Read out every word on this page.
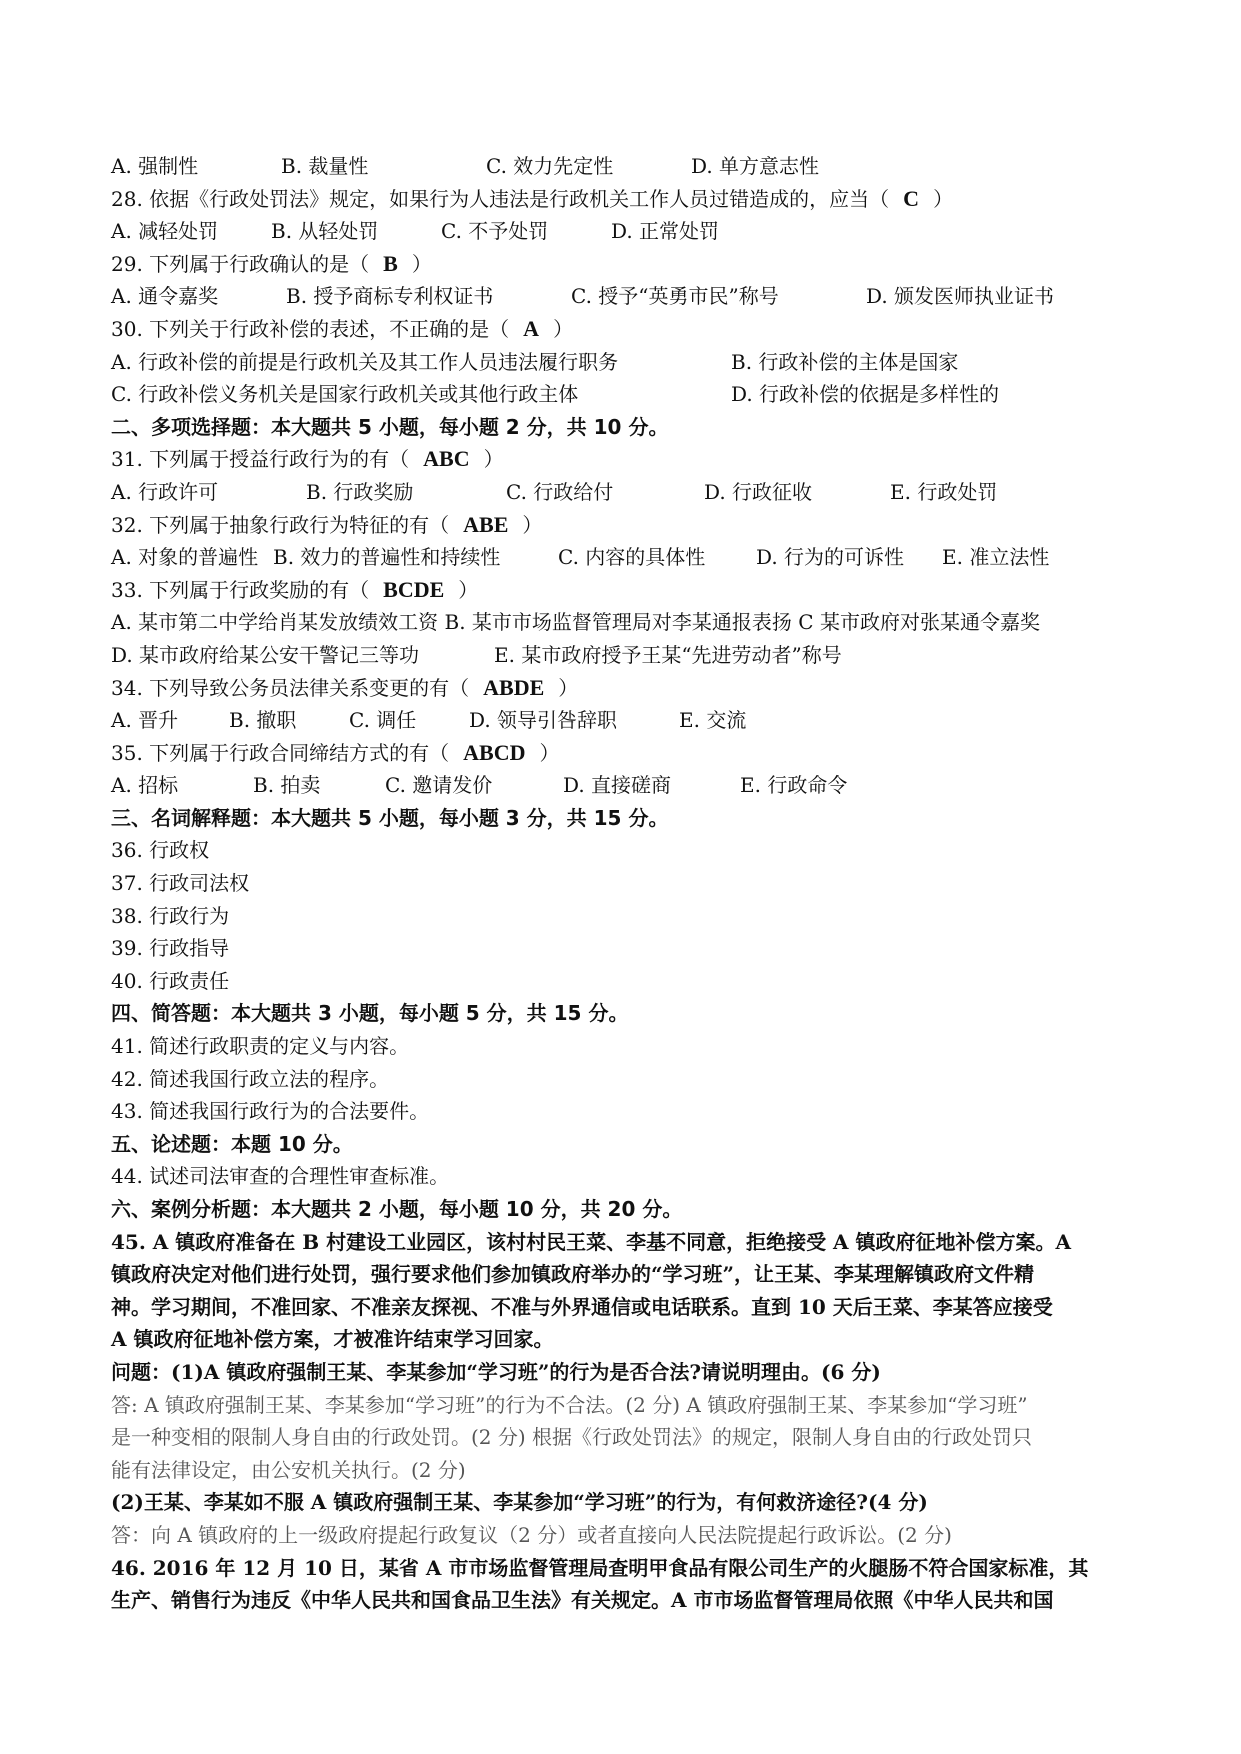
A. 强制性	B. 裁量性	C. 效力先定性	D. 单方意志性
28. 依据《行政处罚法》规定，如果行为人违法是行政机关工作人员过错造成的，应当（ C ）
A. 减轻处罚	B. 从轻处罚	C. 不予处罚	D. 正常处罚
29. 下列属于行政确认的是（ B ）
A. 通令嘉奖	B. 授予商标专利权证书	C. 授予“英勇市民”称号	D. 颁发医师执业证书
30. 下列关于行政补偿的表述，不正确的是（ A ）
A. 行政补偿的前提是行政机关及其工作人员违法履行职务	B. 行政补偿的主体是国家
C. 行政补偿义务机关是国家行政机关或其他行政主体	D. 行政补偿的依据是多样性的
二、多项选择题：本大题共 5 小题，每小题 2 分，共 10 分。
31. 下列属于授益行政行为的有（ ABC ）
A. 行政许可	B. 行政奖励	C. 行政给付	D. 行政征收	E. 行政处罚
32. 下列属于抽象行政行为特征的有（ ABE ）
A. 对象的普遍性 B. 效力的普遍性和持续性	C. 内容的具体性	D. 行为的可诉性 E. 准立法性
33. 下列属于行政奖励的有（ BCDE ）
A. 某市第二中学给肖某发放绩效工资 B. 某市市场监督管理局对李某通报表扬 C 某市政府对张某通令嘉奖
D. 某市政府给某公安干警记三等功	E. 某市政府授予王某“先进劳动者”称号
34. 下列导致公务员法律关系变更的有（ ABDE ）
A. 晋升	B. 撤职	C. 调任	D. 领导引咎辞职	E. 交流
35. 下列属于行政合同缔结方式的有（ ABCD ）
A. 招标	B. 拍卖	C. 邀请发价	D. 直接磋商	E. 行政命令
三、名词解释题：本大题共 5 小题，每小题 3 分，共 15 分。
36. 行政权
37. 行政司法权
38. 行政行为
39. 行政指导
40. 行政责任
四、简答题：本大题共 3 小题，每小题 5 分，共 15 分。
41. 简述行政职责的定义与内容。
42. 简述我国行政立法的程序。
43. 简述我国行政行为的合法要件。
五、论述题：本题 10 分。
44. 试述司法审查的合理性审查标准。
六、案例分析题：本大题共 2 小题，每小题 10 分，共 20 分。
45. A 镇政府准备在 B 村建设工业园区，该村村民王菜、李基不同意，拒绝接受 A 镇政府征地补偿方案。A
镇政府决定对他们进行处罚，强行要求他们参加镇政府举办的“学习班”，让王某、李某理解镇政府文件精
神。学习期间，不准回家、不准亲友探视、不准与外界通信或电话联系。直到 10 天后王菜、李某答应接受
A 镇政府征地补偿方案，才被准许结束学习回家。
问题：(1)A 镇政府强制王某、李某参加“学习班”的行为是否合法?请说明理由。(6 分)
答: A 镇政府强制王某、李某参加“学习班”的行为不合法。(2 分) A 镇政府强制王某、李某参加“学习班”
是一种变相的限制人身自由的行政处罚。(2 分) 根据《行政处罚法》的规定，限制人身自由的行政处罚只
能有法律设定，由公安机关执行。(2 分)
(2)王某、李某如不服 A 镇政府强制王某、李某参加“学习班”的行为，有何救济途径?(4 分)
答：向 A 镇政府的上一级政府提起行政复议（2 分）或者直接向人民法院提起行政诉讼。(2 分)
46. 2016 年 12 月 10 日，某省 A 市市场监督管理局查明甲食品有限公司生产的火腿肠不符合国家标准，其
生产、销售行为违反《中华人民共和国食品卫生法》有关规定。A 市市场监督管理局依照《中华人民共和国
